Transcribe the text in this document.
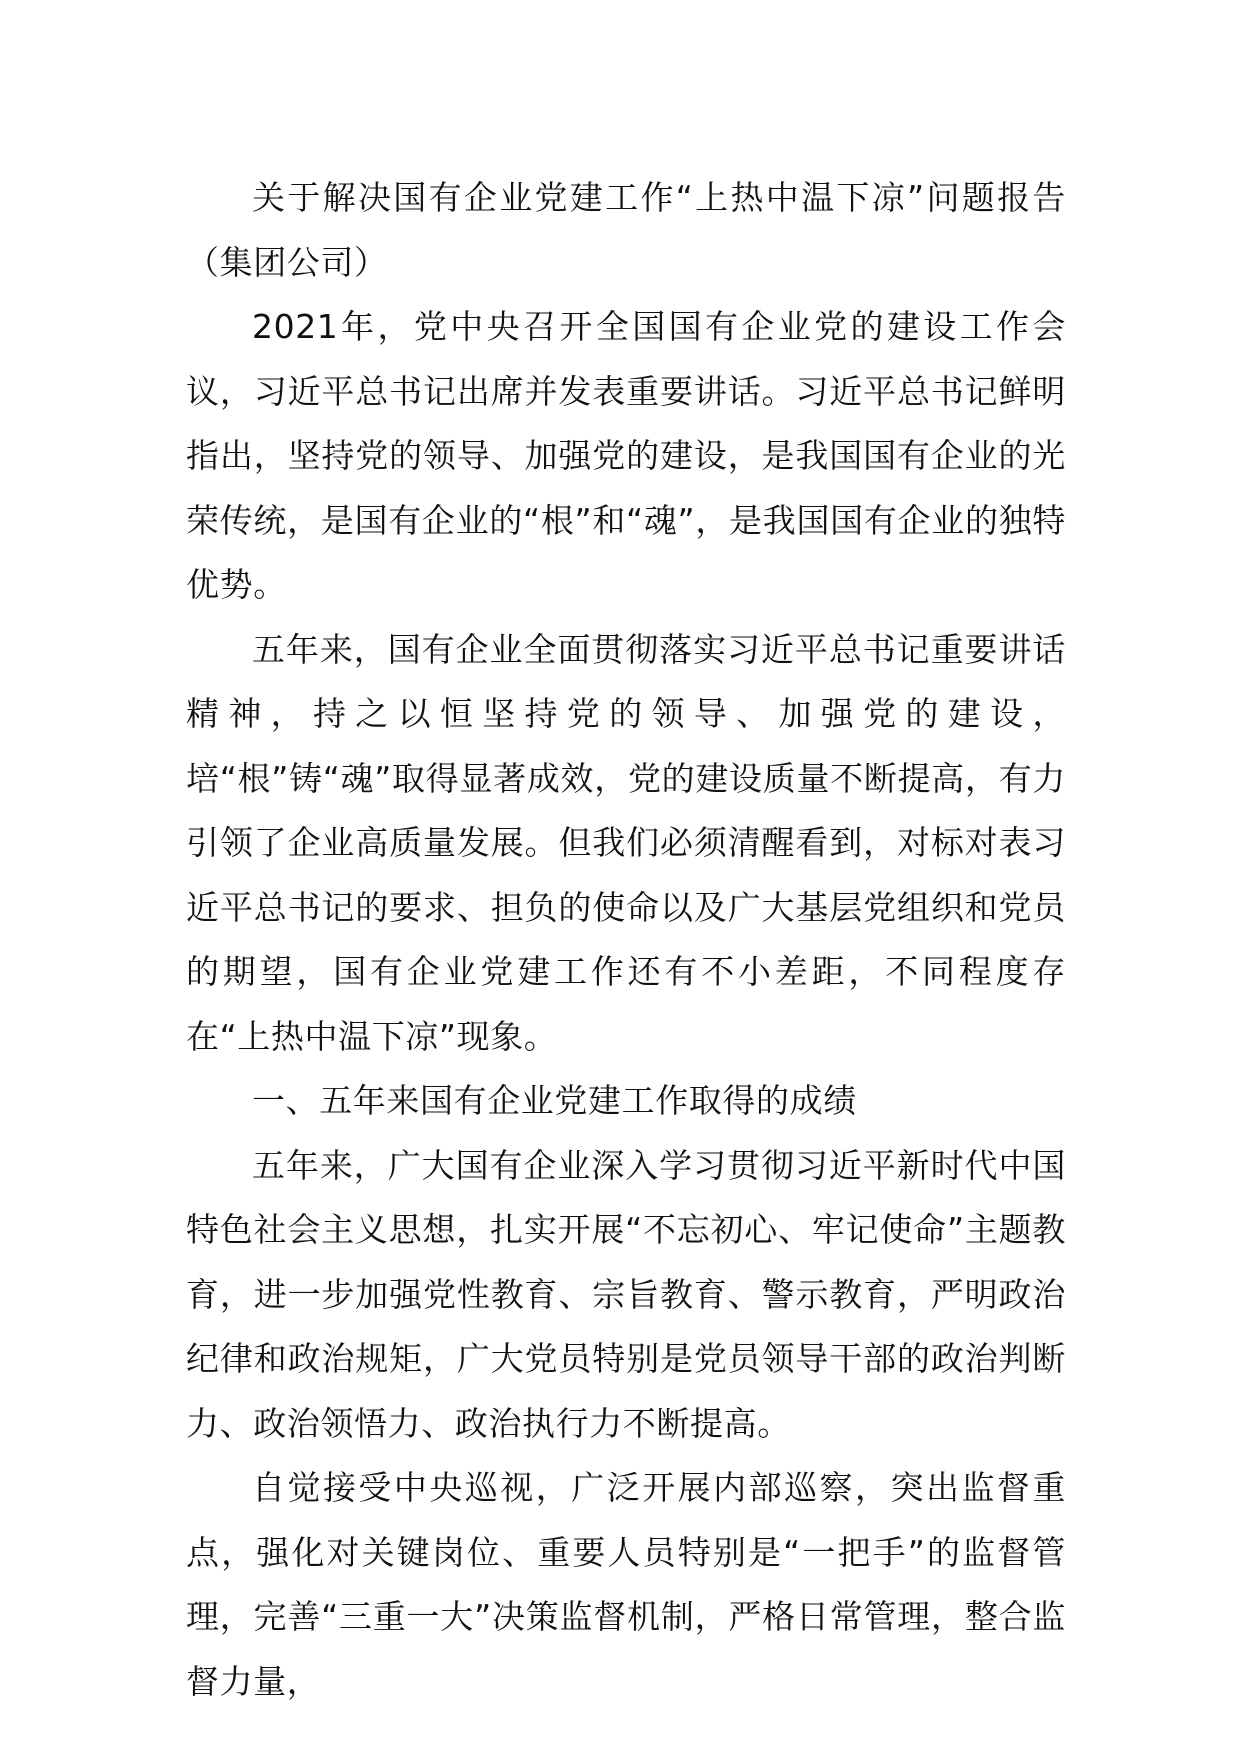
关于解决国有企业党建工作“上热中温下凉”问题报告（集团公司）

2021年，党中央召开全国国有企业党的建设工作会议，习近平总书记出席并发表重要讲话。习近平总书记鲜明指出，坚持党的领导、加强党的建设，是我国国有企业的光荣传统，是国有企业的“根”和“魂”，是我国国有企业的独特优势。

五年来，国有企业全面贯彻落实习近平总书记重要讲话精神，持之以恒坚持党的领导、加强党的建设，培“根”铸“魂”取得显著成效，党的建设质量不断提高，有力引领了企业高质量发展。但我们必须清醒看到，对标对表习近平总书记的要求、担负的使命以及广大基层党组织和党员的期望，国有企业党建工作还有不小差距，不同程度存在“上热中温下凉”现象。

一、五年来国有企业党建工作取得的成绩

五年来，广大国有企业深入学习贯彻习近平新时代中国特色社会主义思想，扎实开展“不忘初心、牢记使命”主题教育，进一步加强党性教育、宗旨教育、警示教育，严明政治纪律和政治规矩，广大党员特别是党员领导干部的政治判断力、政治领悟力、政治执行力不断提高。

自觉接受中央巡视，广泛开展内部巡察，突出监督重点，强化对关键岗位、重要人员特别是“一把手”的监督管理，完善“三重一大”决策监督机制，严格日常管理，整合监督力量，
